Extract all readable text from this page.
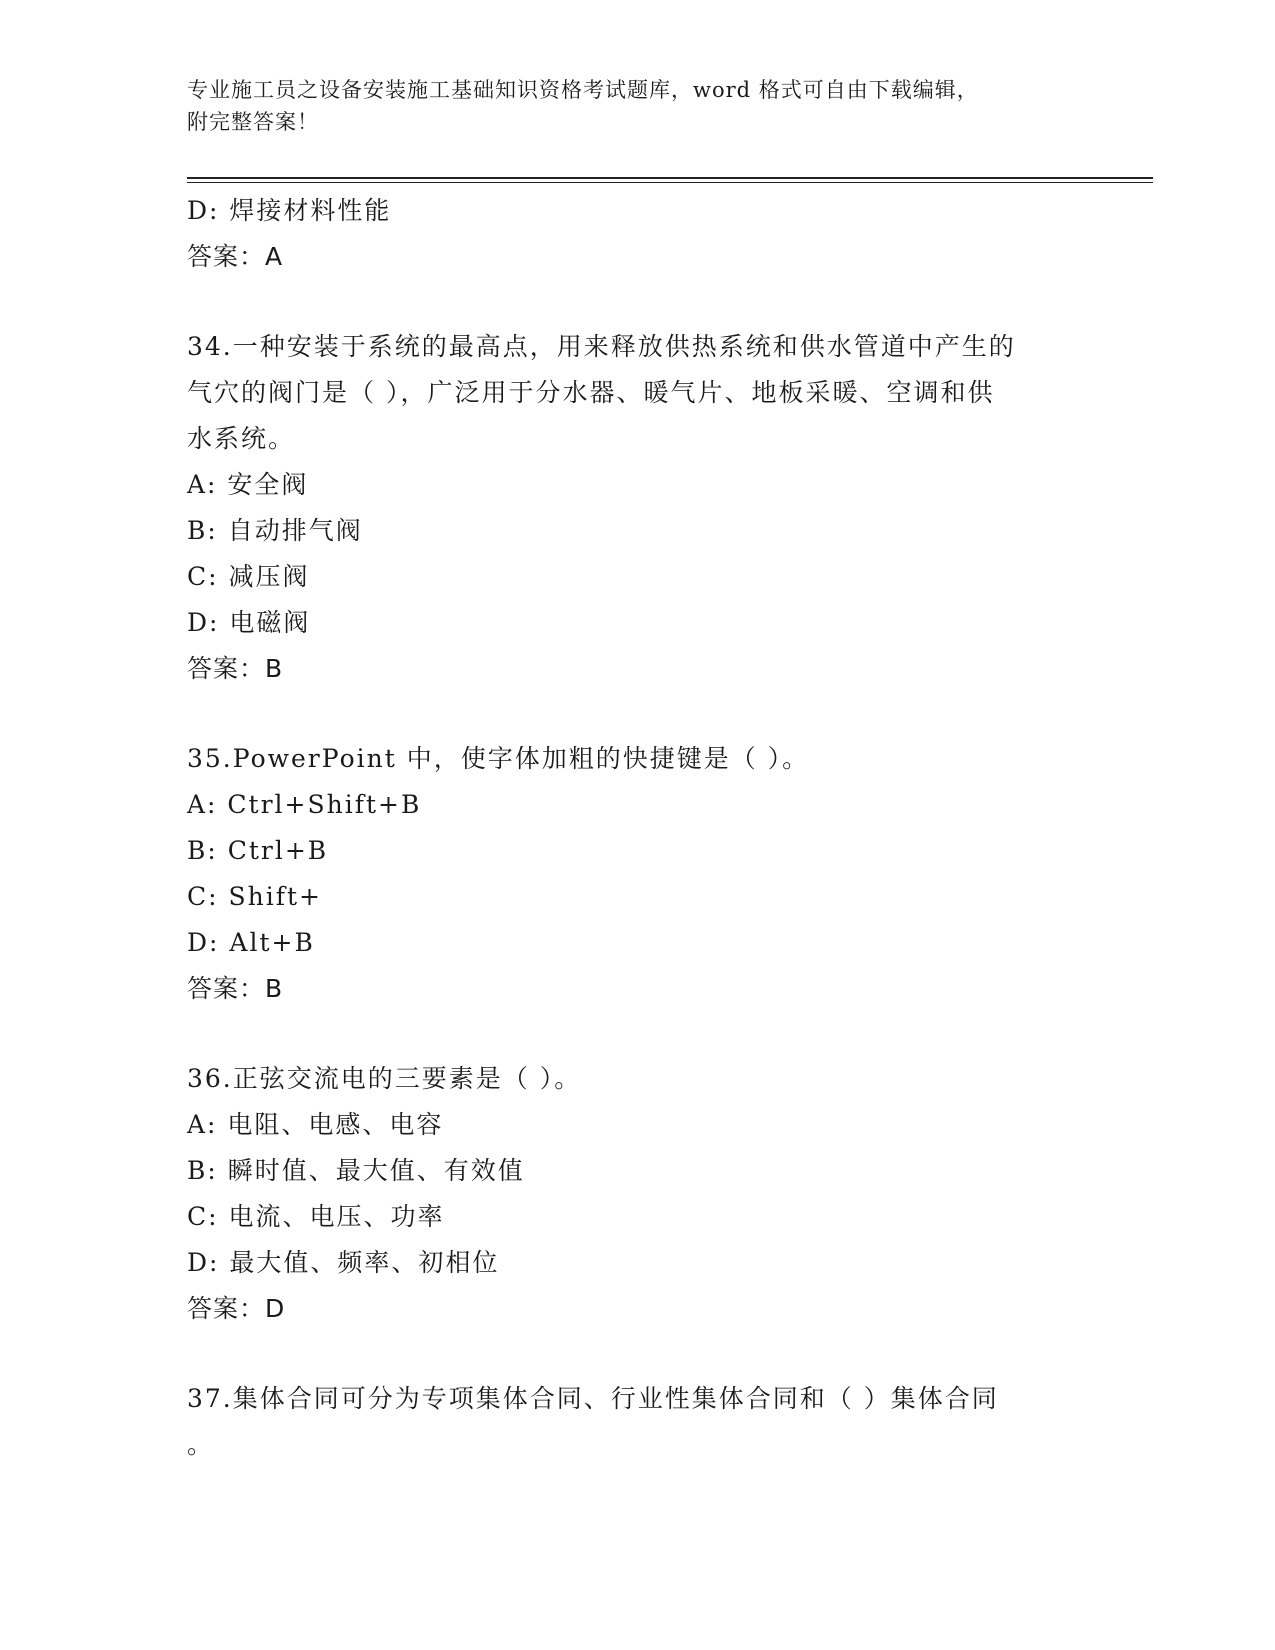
专业施工员之设备安装施工基础知识资格考试题库，word 格式可自由下载编辑，
附完整答案！
D: 焊接材料性能
答案：A
34.一种安装于系统的最高点，用来释放供热系统和供水管道中产生的
气穴的阀门是（ ），广泛用于分水器、暖气片、地板采暖、空调和供
水系统。
A: 安全阀
B: 自动排气阀
C: 减压阀
D: 电磁阀
答案：B
35.PowerPoint 中，使字体加粗的快捷键是（ ）。
A: Ctrl+Shift+B
B: Ctrl+B
C: Shift+
D: Alt+B
答案：B
36.正弦交流电的三要素是（ ）。
A: 电阻、电感、电容
B: 瞬时值、最大值、有效值
C: 电流、电压、功率
D: 最大值、频率、初相位
答案：D
37.集体合同可分为专项集体合同、行业性集体合同和（ ）集体合同
。
